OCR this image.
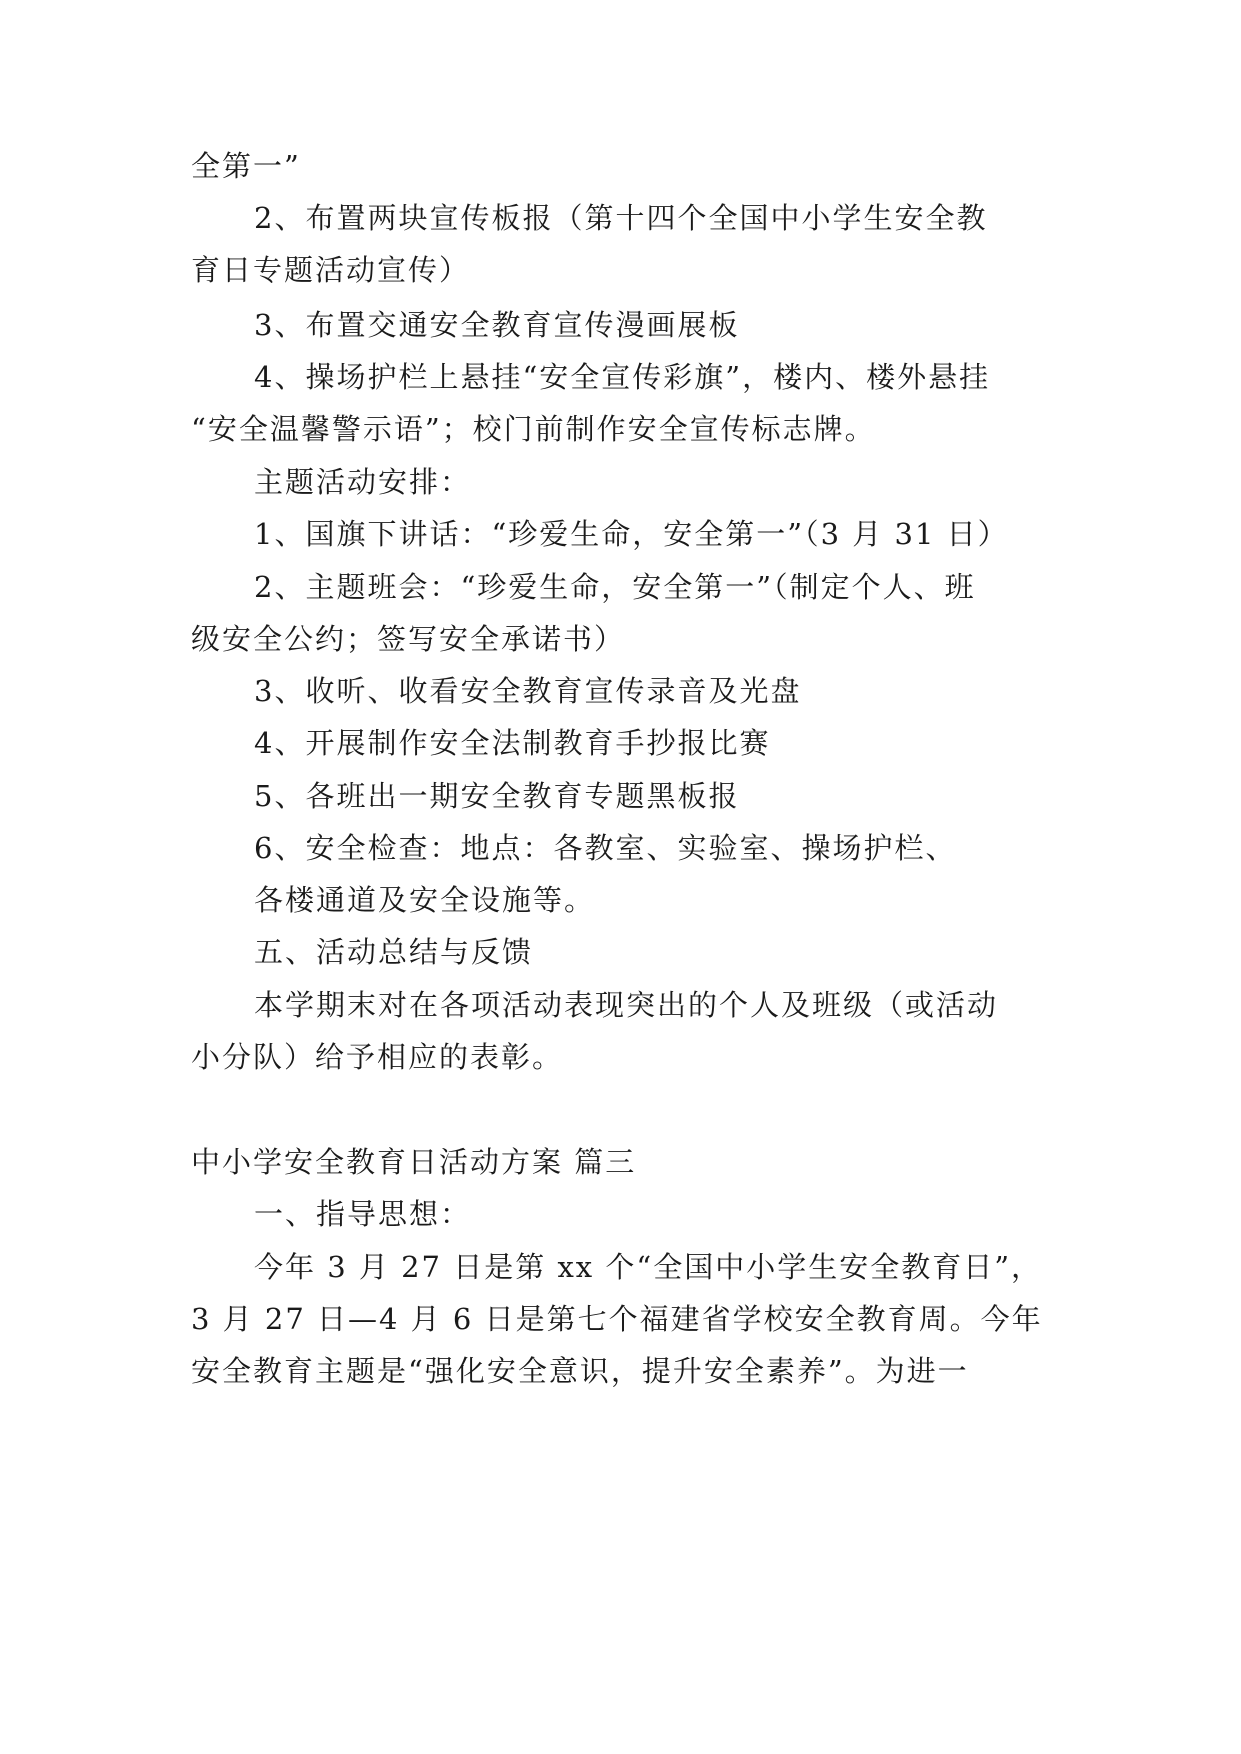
全第一”
2、布置两块宣传板报（第十四个全国中小学生安全教
育日专题活动宣传）
3、布置交通安全教育宣传漫画展板
4、操场护栏上悬挂“安全宣传彩旗”，楼内、楼外悬挂
“安全温馨警示语”；校门前制作安全宣传标志牌。
主题活动安排：
1、国旗下讲话：“珍爱生命，安全第一”（3 月 31 日）
2、主题班会：“珍爱生命，安全第一”（制定个人、班
级安全公约；签写安全承诺书）
3、收听、收看安全教育宣传录音及光盘
4、开展制作安全法制教育手抄报比赛
5、各班出一期安全教育专题黑板报
6、安全检查：地点：各教室、实验室、操场护栏、
各楼通道及安全设施等。
五、活动总结与反馈
本学期末对在各项活动表现突出的个人及班级（或活动
小分队）给予相应的表彰。
中小学安全教育日活动方案 篇三
一、指导思想：
今年 3 月 27 日是第 xx 个“全国中小学生安全教育日”，
3 月 27 日—4 月 6 日是第七个福建省学校安全教育周。今年
安全教育主题是“强化安全意识，提升安全素养”。为进一
